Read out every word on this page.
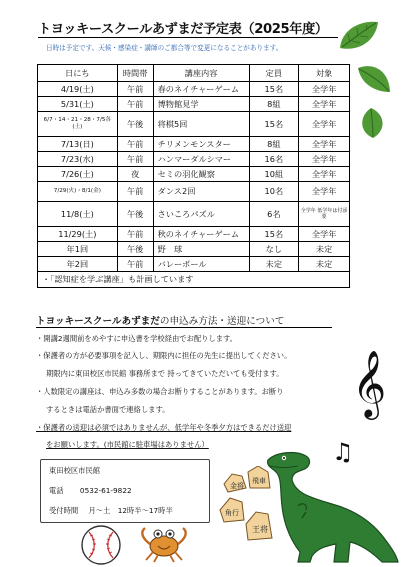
トヨッキースクールあずまだ予定表（2025年度）
日時は予定です。天候・感染症・講師のご都合等で変更になることがあります。
日にち	時間帯	講座内容	定員	対象
4/19(土)	午前	春のネイチャーゲーム	15名	全学年
5/31(土)	午前	博物館見学	8組	全学年
6/7・14・21・28・7/5各(土)	午後	将棋5回	15名	全学年
7/13(日)	午前	チリメンモンスター	8組	全学年
7/23(水)	午前	ハンマーダルシマー	16名	全学年
7/26(土)	夜	セミの羽化観察	10組	全学年
7/29(火)・8/1(金)	午前	ダンス2回	10名	全学年
11/8(土)	午後	さいころパズル	6名	全学年 低学年は付添要
11/29(土)	午前	秋のネイチャーゲーム	15名	全学年
年1回	午後	野　球	なし	未定
年2回	午前	バレーボール	未定	未定
・「認知症を学ぶ講座」も計画しています				
トヨッキースクールあずまだの申込み方法・送迎について
・開講2週間前をめやすに申込書を学校経由でお配りします。
・保護者の方が必要事項を記入し、期限内に担任の先生に提出してください。
期限内に東田校区市民館 事務所まで 持ってきていただいても受付ます。
・人数限定の講座は、申込み多数の場合お断りすることがあります。お断り
するときは電話か書面で連絡します。
・保護者の送迎は必須ではありませんが、低学年や冬季夕方はできるだけ送迎
をお願いします。(市民館に駐車場はありません）
𝄞
♫
東田校区市民館
電話 0532-61-9822
受付時間 月～土　12時半～17時半
金将
飛車
角行
王将
